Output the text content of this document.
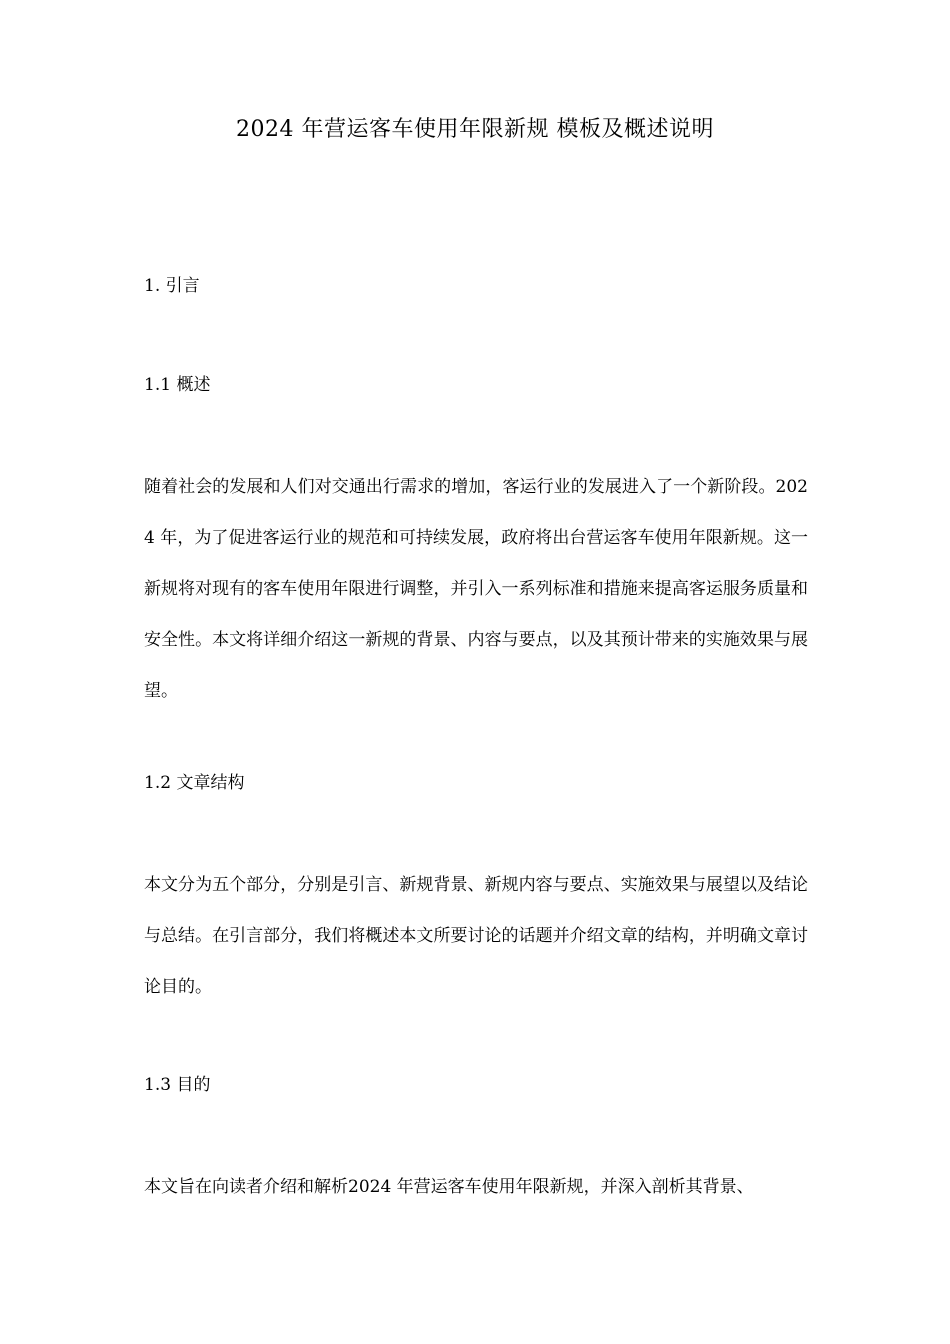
2024 年营运客车使用年限新规 模板及概述说明
1. 引言
1.1 概述
随着社会的发展和人们对交通出行需求的增加，客运行业的发展进入了一个新阶段。2024 年，为了促进客运行业的规范和可持续发展，政府将出台营运客车使用年限新规。这一新规将对现有的客车使用年限进行调整，并引入一系列标准和措施来提高客运服务质量和安全性。本文将详细介绍这一新规的背景、内容与要点，以及其预计带来的实施效果与展望。
1.2 文章结构
本文分为五个部分，分别是引言、新规背景、新规内容与要点、实施效果与展望以及结论与总结。在引言部分，我们将概述本文所要讨论的话题并介绍文章的结构，并明确文章讨论目的。
1.3 目的
本文旨在向读者介绍和解析2024 年营运客车使用年限新规，并深入剖析其背景、
